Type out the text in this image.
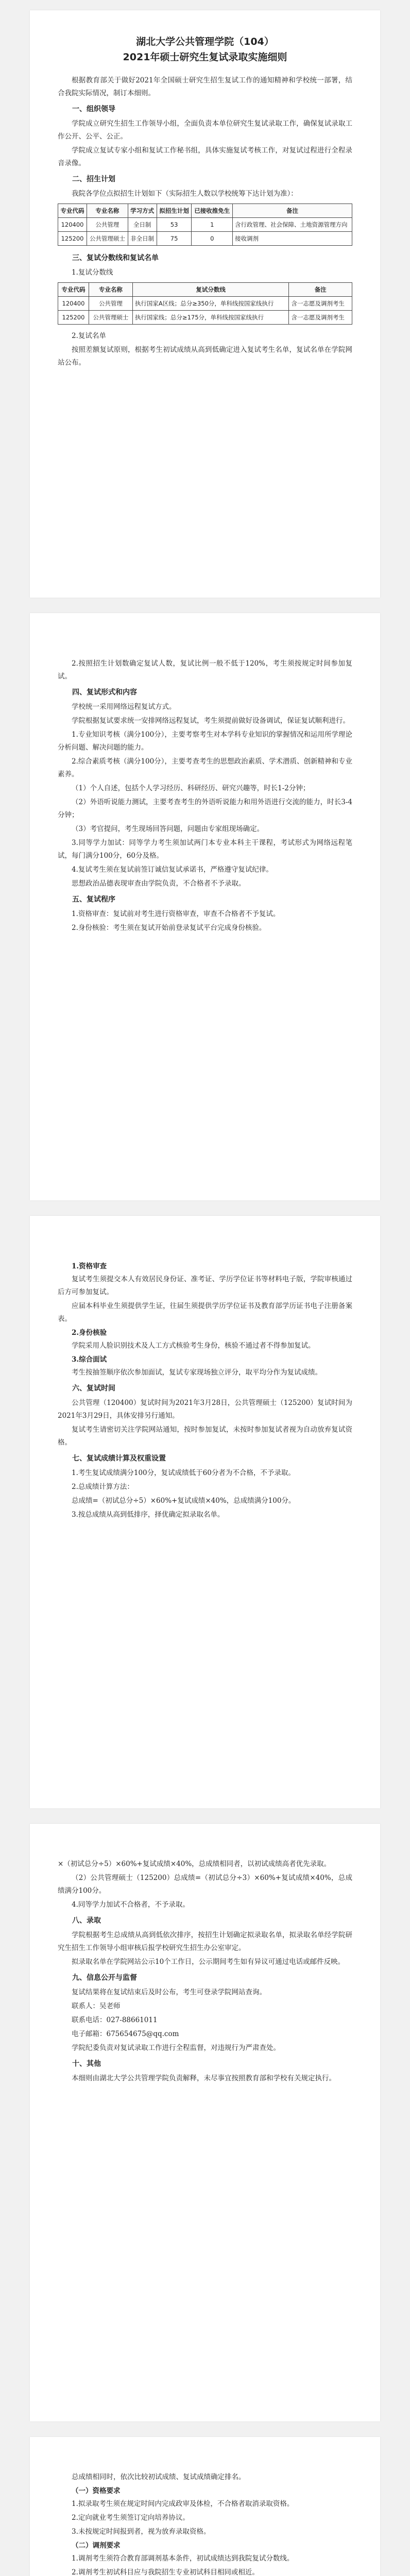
湖北大学公共管理学院（104）

2021年硕士研究生复试录取实施细则

根据教育部关于做好2021年全国硕士研究生招生复试工作的通知精神和学校统一部署，结合我院实际情况，制订本细则。

一、组织领导

学院成立研究生招生工作领导小组，全面负责本单位研究生复试录取工作，确保复试录取工作公开、公平、公正。

学院成立复试专家小组和复试工作秘书组，具体实施复试考核工作，对复试过程进行全程录音录像。

二、招生计划

我院各学位点拟招生计划如下（实际招生人数以学校统筹下达计划为准）：

专业代码	专业名称	学习方式	拟招生计划	已接收推免生	备注
120400	公共管理	全日制	53	1	含行政管理、社会保障、土地资源管理方向
125200	公共管理硕士	非全日制	75	0	接收调剂

三、复试分数线和复试名单

1.复试分数线

专业代码	专业名称	复试分数线	备注
120400	公共管理	执行国家A区线；总分≥350分，单科线按国家线执行	含一志愿及调剂考生
125200	公共管理硕士	执行国家线；总分≥175分，单科线按国家线执行	含一志愿及调剂考生

2.复试名单

按照差额复试原则，根据考生初试成绩从高到低确定进入复试考生名单，复试名单在学院网站公布。

2.按照招生计划数确定复试人数，复试比例一般不低于120%，考生须按规定时间参加复试。

四、复试形式和内容

学校统一采用网络远程复试方式。

学院根据复试要求统一安排网络远程复试，考生须提前做好设备调试，保证复试顺利进行。

1.专业知识考核（满分100分），主要考察考生对本学科专业知识的掌握情况和运用所学理论分析问题、解决问题的能力。

2.综合素质考核（满分100分），主要考查考生的思想政治素质、学术潜质、创新精神和专业素养。

（1）个人自述，包括个人学习经历、科研经历、研究兴趣等，时长1-2分钟；

（2）外语听说能力测试，主要考查考生的外语听说能力和用外语进行交流的能力，时长3-4分钟；

（3）考官提问，考生现场回答问题，问题由专家组现场确定。

3.同等学力加试：同等学力考生须加试两门本专业本科主干课程，考试形式为网络远程笔试，每门满分100分，60分及格。

4.复试考生须在复试前签订诚信复试承诺书，严格遵守复试纪律。

思想政治品德表现审查由学院负责，不合格者不予录取。

五、复试程序

1.资格审查：复试前对考生进行资格审查，审查不合格者不予复试。

2.身份核验：考生须在复试开始前登录复试平台完成身份核验。

1.资格审查

复试考生须提交本人有效居民身份证、准考证、学历学位证书等材料电子版，学院审核通过后方可参加复试。

应届本科毕业生须提供学生证，往届生须提供学历学位证书及教育部学历证书电子注册备案表。

2.身份核验

学院采用人脸识别技术及人工方式核验考生身份，核验不通过者不得参加复试。

3.综合面试

考生按抽签顺序依次参加面试，复试专家现场独立评分，取平均分作为复试成绩。

六、复试时间

公共管理（120400）复试时间为2021年3月28日，公共管理硕士（125200）复试时间为2021年3月29日，具体安排另行通知。

复试考生请密切关注学院网站通知，按时参加复试，未按时参加复试者视为自动放弃复试资格。

七、复试成绩计算及权重设置

1.考生复试成绩满分100分，复试成绩低于60分者为不合格，不予录取。

2.总成绩计算方法：

总成绩=（初试总分÷5）×60%+复试成绩×40%，总成绩满分100分。

3.按总成绩从高到低排序，择优确定拟录取名单。

×（初试总分÷5）×60%+复试成绩×40%，总成绩相同者，以初试成绩高者优先录取。

（2）公共管理硕士（125200）总成绩=（初试总分÷3）×60%+复试成绩×40%，总成绩满分100分。

4.同等学力加试不合格者，不予录取。

八、录取

学院根据考生总成绩从高到低依次排序，按招生计划确定拟录取名单，拟录取名单经学院研究生招生工作领导小组审核后报学校研究生招生办公室审定。

拟录取名单在学院网站公示10个工作日，公示期间考生如有异议可通过电话或邮件反映。

九、信息公开与监督

复试结果将在复试结束后及时公布，考生可登录学院网站查询。

联系人：吴老师

联系电话：027-88661011

电子邮箱：675654675@qq.com

学院纪委负责对复试录取工作进行全程监督，对违规行为严肃查处。

十、其他

本细则由湖北大学公共管理学院负责解释，未尽事宜按照教育部和学校有关规定执行。

总成绩相同时，依次比较初试成绩、复试成绩确定排名。

（一）资格要求

1.拟录取考生须在规定时间内完成政审及体检，不合格者取消录取资格。

2.定向就业考生须签订定向培养协议。

3.未按规定时间报到者，视为放弃录取资格。

（二）调剂要求

1.调剂考生须符合教育部调剂基本条件，初试成绩达到我院复试分数线。

2.调剂考生初试科目应与我院招生专业初试科目相同或相近。
